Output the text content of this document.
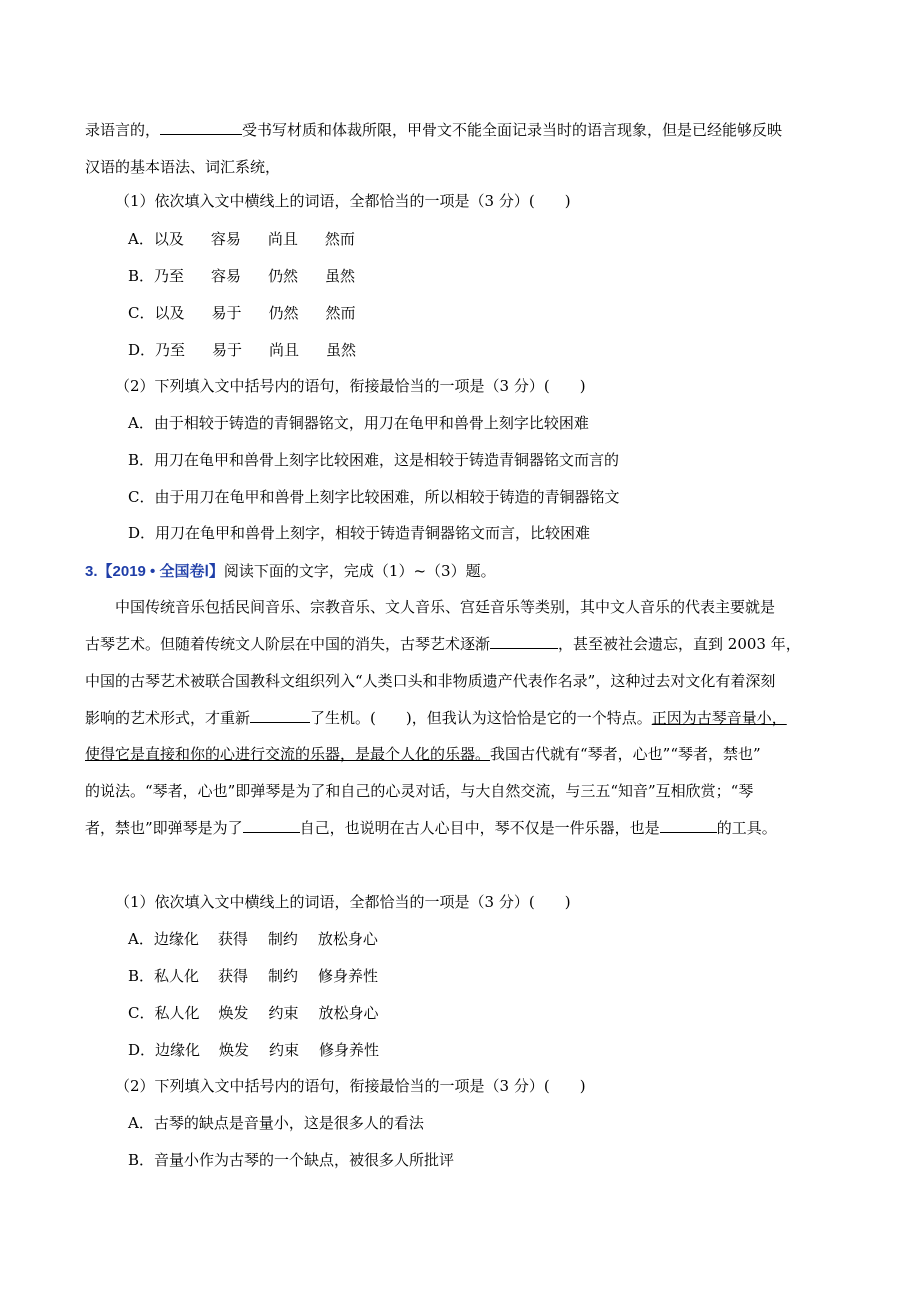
录语言的，	受书写材质和体裁所限，甲骨文不能全面记录当时的语言现象，但是已经能够反映
汉语的基本语法、词汇系统，
（1）依次填入文中横线上的词语，全都恰当的一项是（3 分）(　　)
A．以及 容易 尚且 然而
B．乃至 容易 仍然 虽然
C．以及 易于 仍然 然而
D．乃至 易于 尚且 虽然
（2）下列填入文中括号内的语句，衔接最恰当的一项是（3 分）(　　)
A．由于相较于铸造的青铜器铭文，用刀在龟甲和兽骨上刻字比较困难
B．用刀在龟甲和兽骨上刻字比较困难，这是相较于铸造青铜器铭文而言的
C．由于用刀在龟甲和兽骨上刻字比较困难，所以相较于铸造的青铜器铭文
D．用刀在龟甲和兽骨上刻字，相较于铸造青铜器铭文而言，比较困难
3.【2019 • 全国卷Ⅰ】阅读下面的文字，完成（1）~（3）题。
中国传统音乐包括民间音乐、宗教音乐、文人音乐、宫廷音乐等类别，其中文人音乐的代表主要就是
古琴艺术。但随着传统文人阶层在中国的消失，古琴艺术逐渐	，甚至被社会遗忘，直到 2003 年，
中国的古琴艺术被联合国教科文组织列入“人类口头和非物质遗产代表作名录”，这种过去对文化有着深刻
影响的艺术形式，才重新	了生机。(　　)，但我认为这恰恰是它的一个特点。正因为古琴音量小，
使得它是直接和你的心进行交流的乐器，是最个人化的乐器。我国古代就有“琴者，心也”“琴者，禁也”
的说法。“琴者，心也”即弹琴是为了和自己的心灵对话，与大自然交流，与三五“知音”互相欣赏；“琴
者，禁也”即弹琴是为了	自己，也说明在古人心目中，琴不仅是一件乐器，也是	的工具。
（1）依次填入文中横线上的词语，全都恰当的一项是（3 分）(　　)
A．边缘化 获得 制约 放松身心
B．私人化 获得 制约 修身养性
C．私人化 焕发 约束 放松身心
D．边缘化 焕发 约束 修身养性
（2）下列填入文中括号内的语句，衔接最恰当的一项是（3 分）(　　)
A．古琴的缺点是音量小，这是很多人的看法
B．音量小作为古琴的一个缺点，被很多人所批评
